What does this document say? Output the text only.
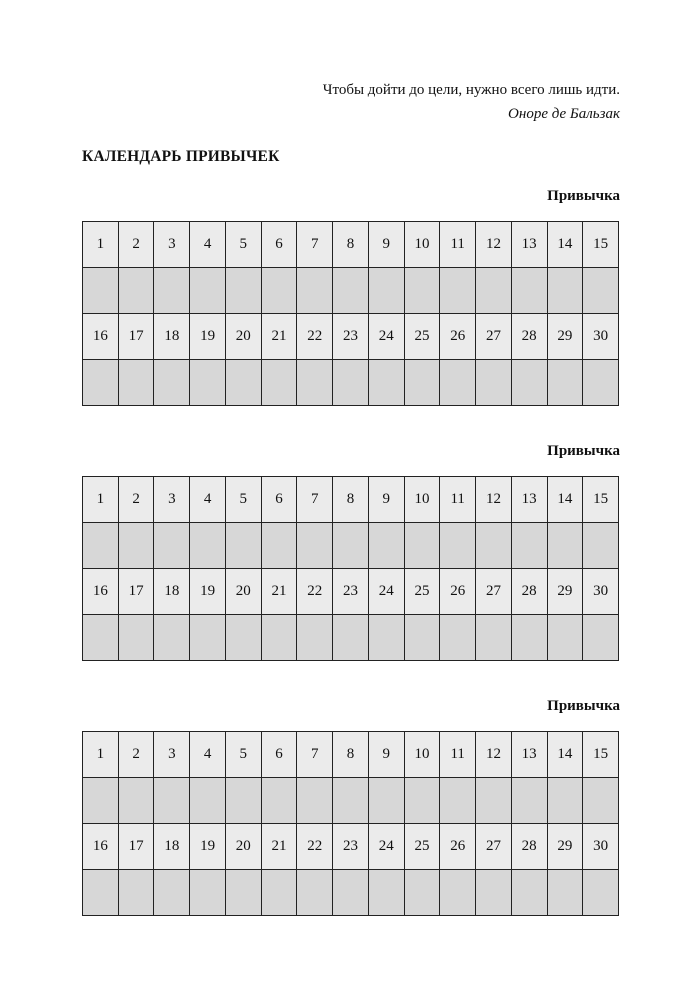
Чтобы дойти до цели, нужно всего лишь идти.
Оноре де Бальзак
КАЛЕНДАРЬ ПРИВЫЧЕК
Привычка
1	2	3	4	5	6	7	8	9	10	11	12	13	14	15
16	17	18	19	20	21	22	23	24	25	26	27	28	29	30
Привычка
1	2	3	4	5	6	7	8	9	10	11	12	13	14	15
16	17	18	19	20	21	22	23	24	25	26	27	28	29	30
Привычка
1	2	3	4	5	6	7	8	9	10	11	12	13	14	15
16	17	18	19	20	21	22	23	24	25	26	27	28	29	30
